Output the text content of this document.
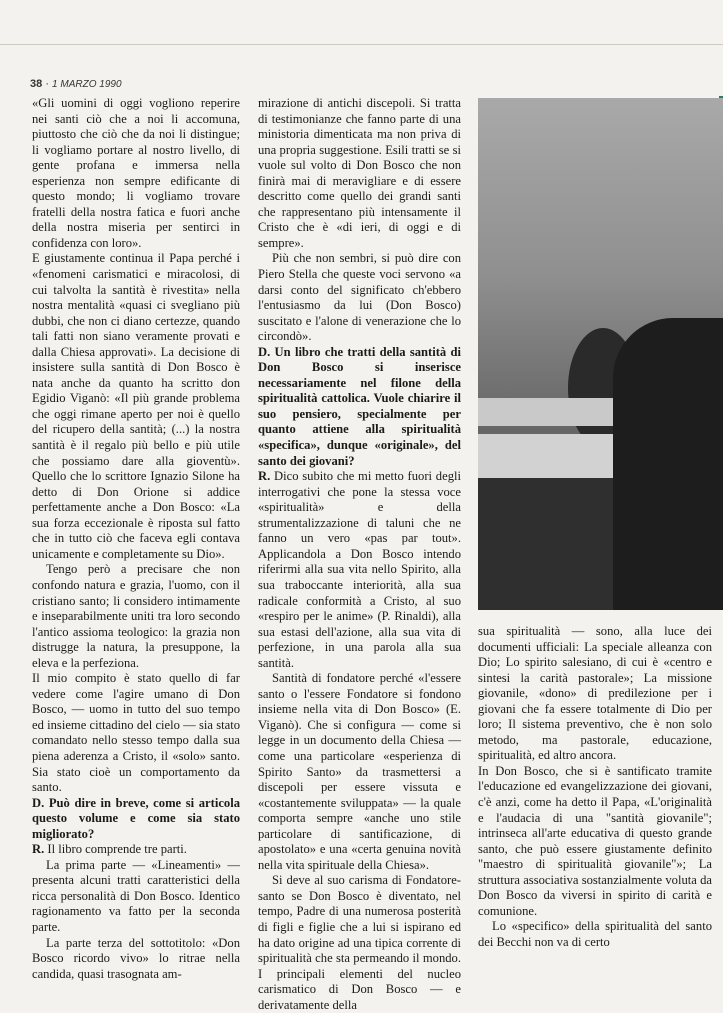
38 · 1 MARZO 1990

«Gli uomini di oggi vogliono reperire nei santi ciò che a noi li accomuna, piuttosto che ciò che da noi li distingue; li vogliamo portare al nostro livello, di gente profana e immersa nella esperienza non sempre edificante di questo mondo; li vogliamo trovare fratelli della nostra fatica e fuori anche della nostra miseria per sentirci in confidenza con loro».

E giustamente continua il Papa perché i «fenomeni carismatici e miracolosi, di cui talvolta la santità è rivestita» nella nostra mentalità «quasi ci svegliano più dubbi, che non ci diano certezze, quando tali fatti non siano veramente provati e dalla Chiesa approvati». La decisione di insistere sulla santità di Don Bosco è nata anche da quanto ha scritto don Egidio Viganò: «Il più grande problema che oggi rimane aperto per noi è quello del ricupero della santità; (...) la nostra santità è il regalo più bello e più utile che possiamo dare alla gioventù». Quello che lo scrittore Ignazio Silone ha detto di Don Orione si addice perfettamente anche a Don Bosco: «La sua forza eccezionale è riposta sul fatto che in tutto ciò che faceva egli contava unicamente e completamente su Dio».

Tengo però a precisare che non confondo natura e grazia, l'uomo, con il cristiano santo; li considero intimamente e inseparabilmente uniti tra loro secondo l'antico assioma teologico: la grazia non distrugge la natura, la presuppone, la eleva e la perfeziona.

Il mio compito è stato quello di far vedere come l'agire umano di Don Bosco, — uomo in tutto del suo tempo ed insieme cittadino del cielo — sia stato comandato nello stesso tempo dalla sua piena aderenza a Cristo, il «solo» santo. Sia stato cioè un comportamento da santo.

D. Può dire in breve, come si articola questo volume e come sia stato migliorato?

R. Il libro comprende tre parti.

La prima parte — «Lineamenti» — presenta alcuni tratti caratteristici della ricca personalità di Don Bosco. Identico ragionamento va fatto per la seconda parte.

La parte terza del sottotitolo: «Don Bosco ricordo vivo» lo ritrae nella candida, quasi trasognata am-

mirazione di antichi discepoli. Si tratta di testimonianze che fanno parte di una ministoria dimenticata ma non priva di una propria suggestione. Esili tratti se si vuole sul volto di Don Bosco che non finirà mai di meravigliare e di essere descritto come quello dei grandi santi che rappresentano più intensamente il Cristo che è «di ieri, di oggi e di sempre».

Più che non sembri, si può dire con Piero Stella che queste voci servono «a darsi conto del significato ch'ebbero l'entusiasmo da lui (Don Bosco) suscitato e l'alone di venerazione che lo circondò».

D. Un libro che tratti della santità di Don Bosco si inserisce necessariamente nel filone della spiritualità cattolica. Vuole chiarire il suo pensiero, specialmente per quanto attiene alla spiritualità «specifica», dunque «originale», del santo dei giovani?

R. Dico subito che mi metto fuori degli interrogativi che pone la stessa voce «spiritualità» e della strumentalizzazione di taluni che ne fanno un vero «pas par tout». Applicandola a Don Bosco intendo riferirmi alla sua vita nello Spirito, alla sua traboccante interiorità, alla sua radicale conformità a Cristo, al suo «respiro per le anime» (P. Rinaldi), alla sua estasi dell'azione, alla sua vita di perfezione, in una parola alla sua santità.

Santità di fondatore perché «l'essere santo o l'essere Fondatore si fondono insieme nella vita di Don Bosco» (E. Viganò). Che si configura — come si legge in un documento della Chiesa — come una particolare «esperienza di Spirito Santo» da trasmettersi a discepoli per essere vissuta e «costantemente sviluppata» — la quale comporta sempre «anche uno stile particolare di santificazione, di apostolato» e una «certa genuina novità nella vita spirituale della Chiesa».

Si deve al suo carisma di Fondatore-santo se Don Bosco è diventato, nel tempo, Padre di una numerosa posterità di figli e figlie che a lui si ispirano ed ha dato origine ad una tipica corrente di spiritualità che sta permeando il mondo. I principali elementi del nucleo carismatico di Don Bosco — e derivatamente della

sua spiritualità — sono, alla luce dei documenti ufficiali: La speciale alleanza con Dio; Lo spirito salesiano, di cui è «centro e sintesi la carità pastorale»; La missione giovanile, «dono» di predilezione per i giovani che fa essere totalmente di Dio per loro; Il sistema preventivo, che è non solo metodo, ma pastorale, educazione, spiritualità, ed altro ancora.

In Don Bosco, che si è santificato tramite l'educazione ed evangelizzazione dei giovani, c'è anzi, come ha detto il Papa, «L'originalità e l'audacia di una "santità giovanile"; intrinseca all'arte educativa di questo grande santo, che può essere giustamente definito "maestro di spiritualità giovanile"»; La struttura associativa sostanzialmente voluta da Don Bosco da viversi in spirito di carità e comunione.

Lo «specifico» della spiritualità del santo dei Becchi non va di certo
